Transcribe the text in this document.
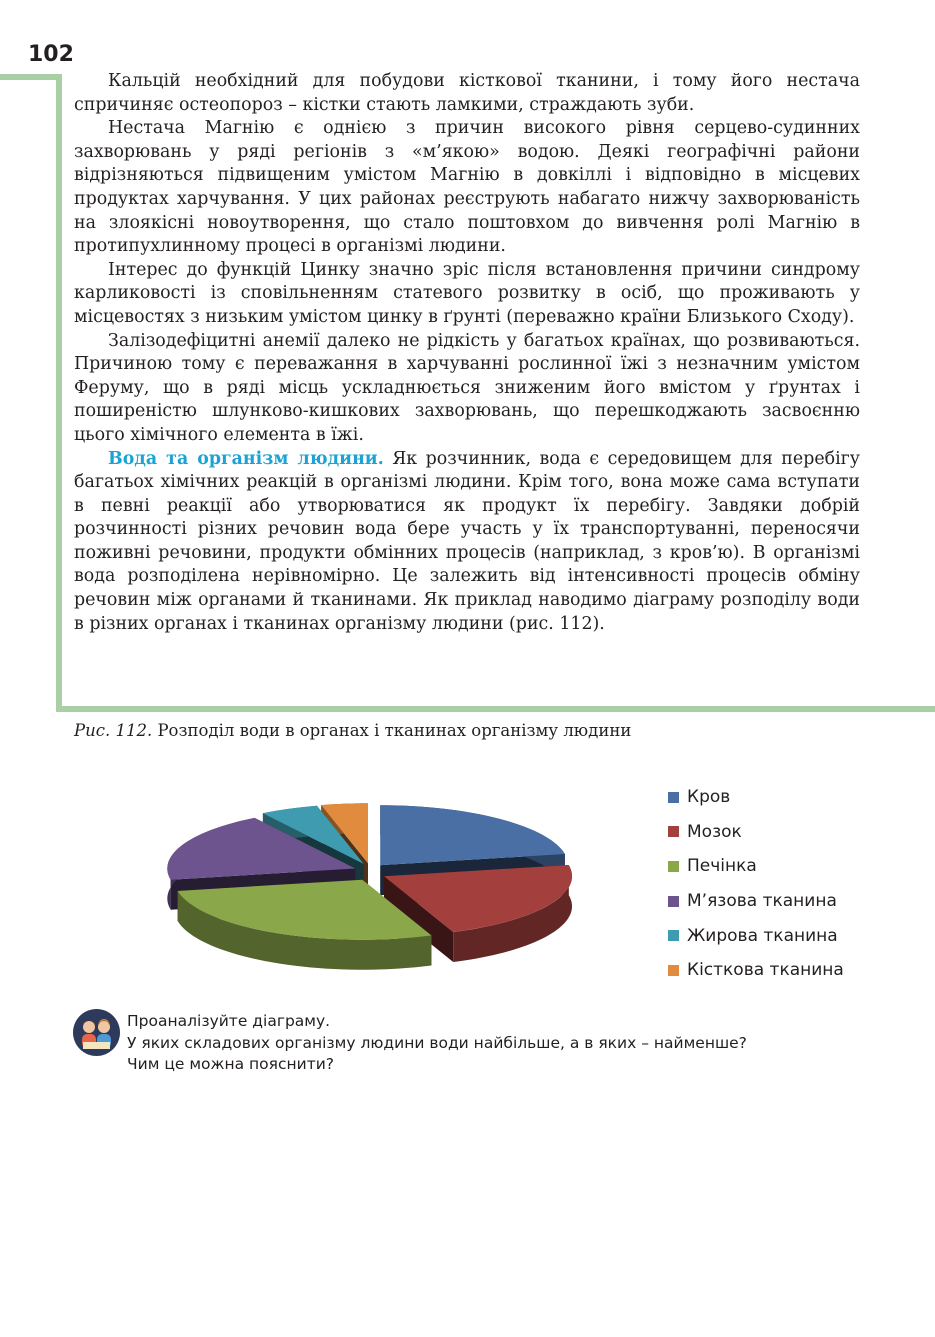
102

Кальцій необхідний для побудови кісткової тканини, і тому його нестача спричиняє остеопороз – кістки стають ламкими, страждають зуби.

Нестача Магнію є однією з причин високого рівня серцево-судинних захворювань у ряді регіонів з «м’якою» водою. Деякі географічні райони відрізняються підвищеним умістом Магнію в довкіллі і відповідно в місцевих продуктах харчування. У цих районах реєструють набагато нижчу захворюваність на злоякісні новоутворення, що стало поштовхом до вивчення ролі Магнію в протипухлинному процесі в організмі людини.

Інтерес до функцій Цинку значно зріс після встановлення причини синдрому карликовості із сповільненням статевого розвитку в осіб, що проживають у місцевостях з низьким умістом цинку в ґрунті (переважно країни Близького Сходу).

Залізодефіцитні анемії далеко не рідкість у багатьох країнах, що розвиваються. Причиною тому є переважання в харчуванні рослинної їжі з незначним умістом Феруму, що в ряді місць ускладнюється зниженим його вмістом у ґрунтах і поширеністю шлунково-кишкових захворювань, що перешкоджають засвоєнню цього хімічного елемента в їжі.

Вода та організм людини. Як розчинник, вода є середовищем для перебігу багатьох хімічних реакцій в організмі людини. Крім того, вона може сама вступати в певні реакції або утворюватися як продукт їх перебігу. Завдяки добрій розчинності різних речовин вода бере участь у їх транспортуванні, переносячи поживні речовини, продукти обмінних процесів (наприклад, з кров’ю). В організмі вода розподілена нерівномірно. Це залежить від інтенсивності процесів обміну речовин між органами й тканинами. Як приклад наводимо діаграму розподілу води в різних органах і тканинах організму людини (рис. 112).

Рис. 112. Розподіл води в органах і тканинах організму людини
Кров
Мозок
Печінка
М’язова тканина
Жирова тканина
Кісткова тканина
Проаналізуйте діаграму.
У яких складових організму людини води найбільше, а в яких – найменше?
Чим це можна пояснити?
